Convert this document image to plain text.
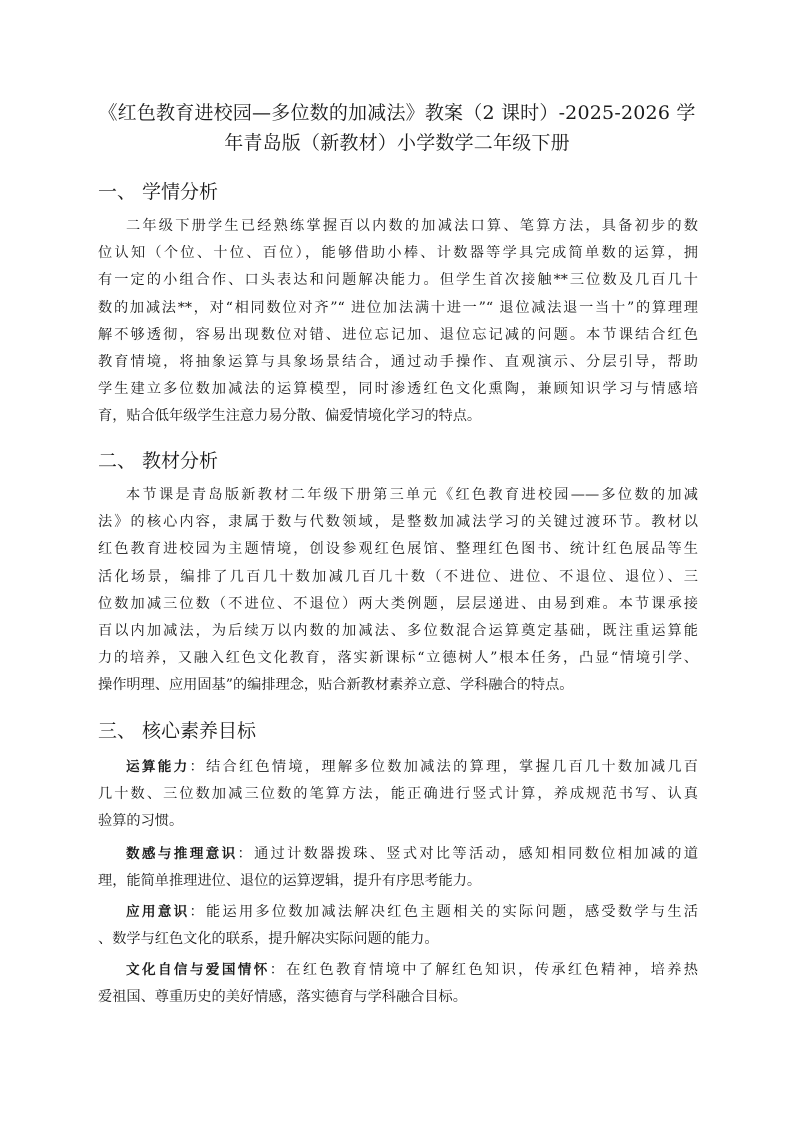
《红色教育进校园—多位数的加减法》教案（2 课时）-2025-2026 学
年青岛版（新教材）小学数学二年级下册
一、 学情分析
二年级下册学生已经熟练掌握百以内数的加减法口算、笔算方法，具备初步的数
位认知（个位、十位、百位），能够借助小棒、计数器等学具完成简单数的运算，拥
有一定的小组合作、口头表达和问题解决能力。但学生首次接触**三位数及几百几十
数的加减法**，对“相同数位对齐”“ 进位加法满十进一”“ 退位减法退一当十”的算理理
解不够透彻，容易出现数位对错、进位忘记加、退位忘记减的问题。本节课结合红色
教育情境，将抽象运算与具象场景结合，通过动手操作、直观演示、分层引导，帮助
学生建立多位数加减法的运算模型，同时渗透红色文化熏陶，兼顾知识学习与情感培
育，贴合低年级学生注意力易分散、偏爱情境化学习的特点。
二、 教材分析
本节课是青岛版新教材二年级下册第三单元《红色教育进校园——多位数的加减
法》的核心内容，隶属于数与代数领域，是整数加减法学习的关键过渡环节。教材以
红色教育进校园为主题情境，创设参观红色展馆、整理红色图书、统计红色展品等生
活化场景，编排了几百几十数加减几百几十数（不进位、进位、不退位、退位）、三
位数加减三位数（不进位、不退位）两大类例题，层层递进、由易到难。本节课承接
百以内加减法，为后续万以内数的加减法、多位数混合运算奠定基础，既注重运算能
力的培养，又融入红色文化教育，落实新课标“立德树人”根本任务，凸显“情境引学、
操作明理、应用固基”的编排理念，贴合新教材素养立意、学科融合的特点。
三、 核心素养目标
运算能力：结合红色情境，理解多位数加减法的算理，掌握几百几十数加减几百
几十数、三位数加减三位数的笔算方法，能正确进行竖式计算，养成规范书写、认真
验算的习惯。
数感与推理意识：通过计数器拨珠、竖式对比等活动，感知相同数位相加减的道
理，能简单推理进位、退位的运算逻辑，提升有序思考能力。
应用意识：能运用多位数加减法解决红色主题相关的实际问题，感受数学与生活
、数学与红色文化的联系，提升解决实际问题的能力。
文化自信与爱国情怀：在红色教育情境中了解红色知识，传承红色精神，培养热
爱祖国、尊重历史的美好情感，落实德育与学科融合目标。
